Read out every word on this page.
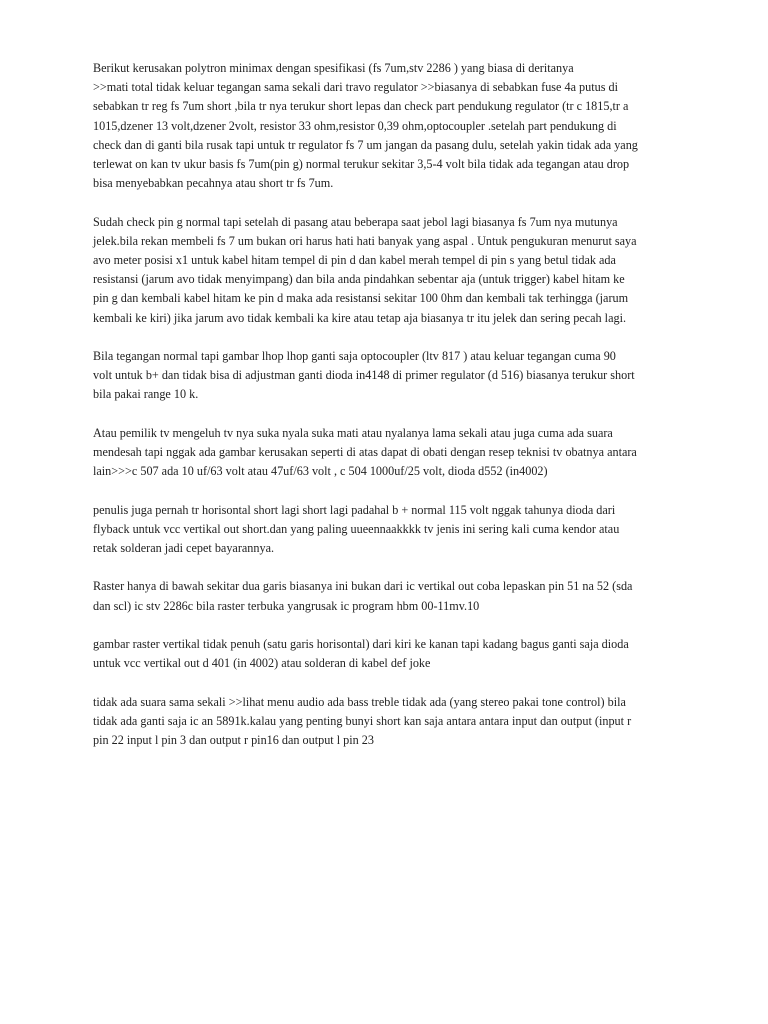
Berikut kerusakan polytron minimax dengan spesifikasi (fs 7um,stv 2286 ) yang biasa di deritanya
>>mati total tidak keluar tegangan sama sekali dari travo regulator >>biasanya di sebabkan fuse 4a putus di
sebabkan tr reg fs 7um short ,bila tr nya terukur short lepas dan check part pendukung regulator (tr c 1815,tr a
1015,dzener 13 volt,dzener 2volt, resistor 33 ohm,resistor 0,39 ohm,optocoupler .setelah part pendukung di
check dan di ganti bila rusak tapi untuk tr regulator fs 7 um jangan da pasang dulu, setelah yakin tidak ada yang
terlewat on kan tv ukur basis fs 7um(pin g) normal terukur sekitar 3,5-4 volt bila tidak ada tegangan atau drop
bisa menyebabkan pecahnya atau short tr fs 7um.
Sudah check pin g normal tapi setelah di pasang atau beberapa saat jebol lagi biasanya fs 7um nya mutunya
jelek.bila rekan membeli fs 7 um bukan ori harus hati hati banyak yang aspal . Untuk pengukuran menurut saya
avo meter posisi x1 untuk kabel hitam tempel di pin d dan kabel merah tempel di pin s yang betul tidak ada
resistansi (jarum avo tidak menyimpang) dan bila anda pindahkan sebentar aja (untuk trigger) kabel hitam ke
pin g dan kembali kabel hitam ke pin d maka ada resistansi sekitar 100 0hm dan kembali tak terhingga (jarum
kembali ke kiri) jika jarum avo tidak kembali ka kire atau tetap aja biasanya tr itu jelek dan sering pecah lagi.
Bila tegangan normal tapi gambar lhop lhop ganti saja optocoupler (ltv 817 ) atau keluar tegangan cuma 90
volt untuk b+ dan tidak bisa di adjustman ganti dioda in4148 di primer regulator (d 516) biasanya terukur short
bila pakai range 10 k.
Atau pemilik tv mengeluh tv nya suka nyala suka mati atau nyalanya lama sekali atau juga cuma ada suara
mendesah tapi nggak ada gambar kerusakan seperti di atas dapat di obati dengan resep teknisi tv obatnya antara
lain>>>c 507 ada 10 uf/63 volt atau 47uf/63 volt , c 504 1000uf/25 volt, dioda d552 (in4002)
penulis juga pernah tr horisontal short lagi short lagi padahal b + normal 115 volt nggak tahunya dioda dari
flyback untuk vcc vertikal out short.dan yang paling uueennaakkkk tv jenis ini sering kali cuma kendor atau
retak solderan jadi cepet bayarannya.
Raster hanya di bawah sekitar dua garis biasanya ini bukan dari ic vertikal out coba lepaskan pin 51 na 52 (sda
dan scl) ic stv 2286c bila raster terbuka yangrusak ic program hbm 00-11mv.10
gambar raster vertikal tidak penuh (satu garis horisontal) dari kiri ke kanan tapi kadang bagus ganti saja dioda
untuk vcc vertikal out d 401 (in 4002) atau solderan di kabel def joke
tidak ada suara sama sekali >>lihat menu audio ada bass treble tidak ada (yang stereo pakai tone control) bila
tidak ada ganti saja ic an 5891k.kalau yang penting bunyi short kan saja antara antara input dan output (input r
pin 22 input l pin 3 dan output r pin16 dan output l pin 23
